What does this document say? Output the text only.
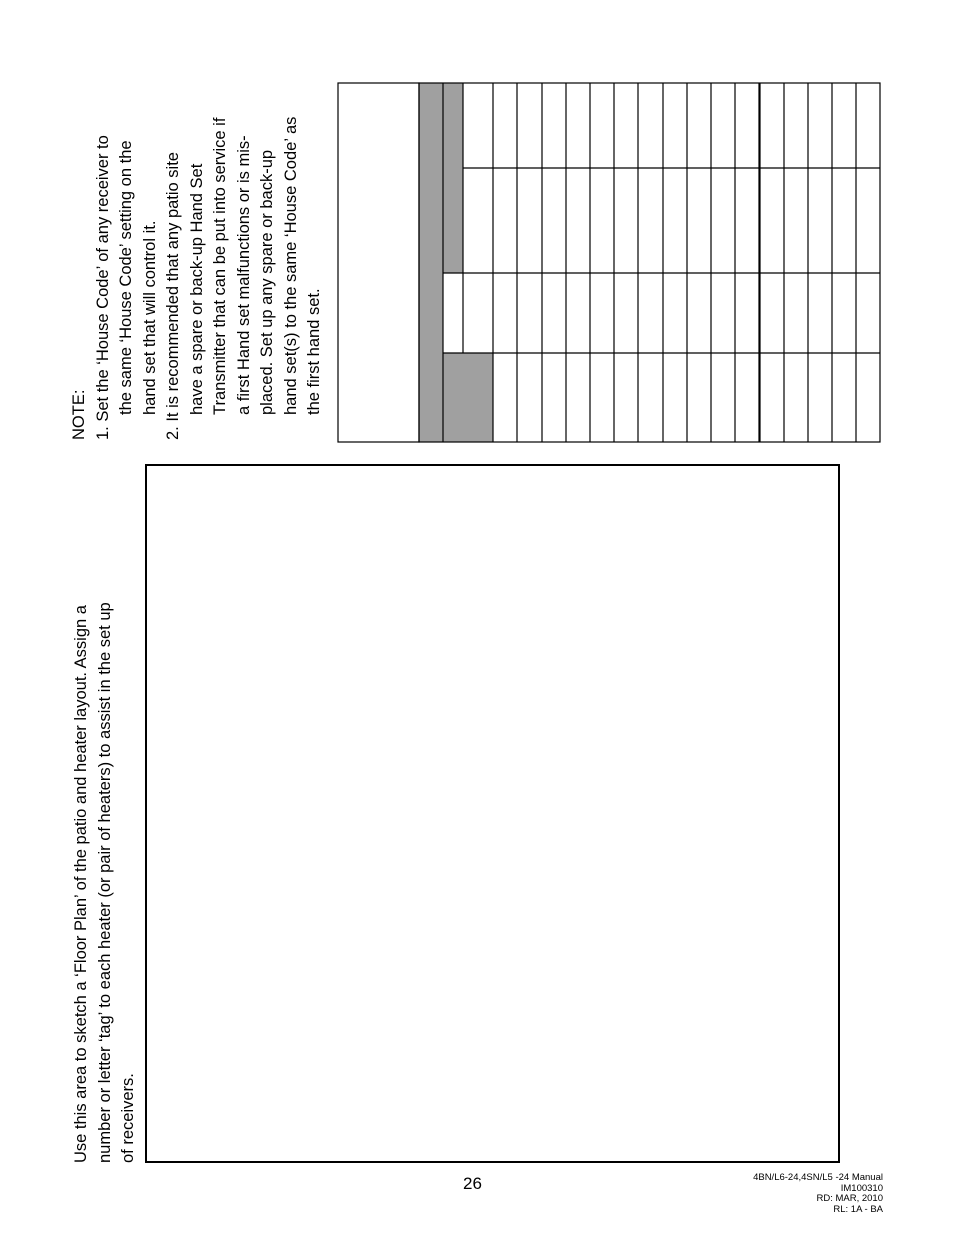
NOTE: 1. Set the ‘House Code’ of any receiver to the same ‘House Code’ setting on the hand set that will control it. 2. It is recommended that any patio site have a spare or back-up Hand Set Transmitter that can be put into service if a first Hand set malfunctions or is mis- placed. Set up any spare or back-up hand set(s) to the same ‘House Code’ as the first hand set.
Use this area to sketch a ‘Floor Plan’ of the patio and heater layout. Assign a number or letter ‘tag’ to each heater (or pair of heaters) to assist in the set up of receivers.
26	4BN/L6-24,4SN/L5 -24 Manual
IM100310
RD: MAR, 2010
RL: 1A - BA
